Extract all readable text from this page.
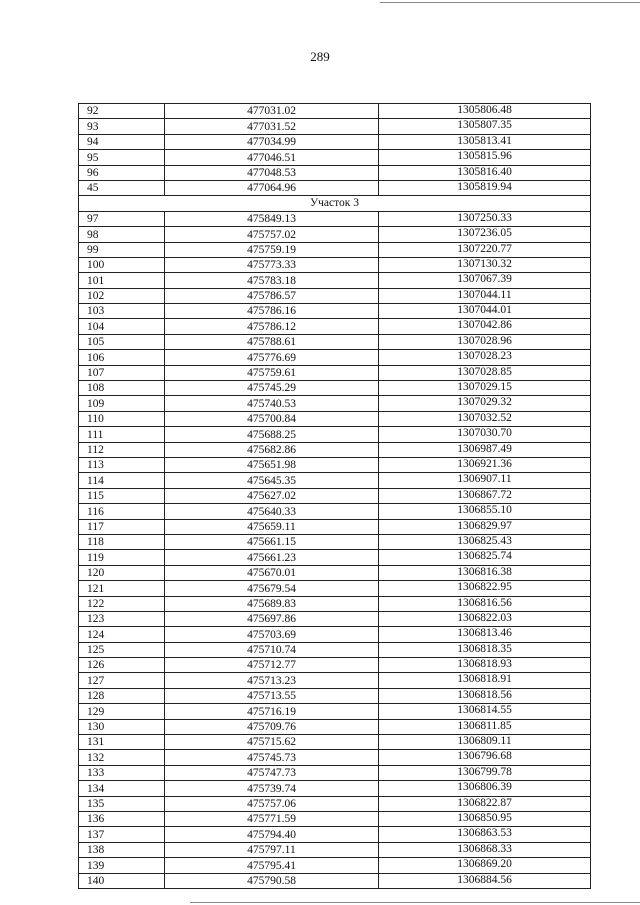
289
92	477031.02	1305806.48
93	477031.52	1305807.35
94	477034.99	1305813.41
95	477046.51	1305815.96
96	477048.53	1305816.40
45	477064.96	1305819.94
Участок 3		
97	475849.13	1307250.33
98	475757.02	1307236.05
99	475759.19	1307220.77
100	475773.33	1307130.32
101	475783.18	1307067.39
102	475786.57	1307044.11
103	475786.16	1307044.01
104	475786.12	1307042.86
105	475788.61	1307028.96
106	475776.69	1307028.23
107	475759.61	1307028.85
108	475745.29	1307029.15
109	475740.53	1307029.32
110	475700.84	1307032.52
111	475688.25	1307030.70
112	475682.86	1306987.49
113	475651.98	1306921.36
114	475645.35	1306907.11
115	475627.02	1306867.72
116	475640.33	1306855.10
117	475659.11	1306829.97
118	475661.15	1306825.43
119	475661.23	1306825.74
120	475670.01	1306816.38
121	475679.54	1306822.95
122	475689.83	1306816.56
123	475697.86	1306822.03
124	475703.69	1306813.46
125	475710.74	1306818.35
126	475712.77	1306818.93
127	475713.23	1306818.91
128	475713.55	1306818.56
129	475716.19	1306814.55
130	475709.76	1306811.85
131	475715.62	1306809.11
132	475745.73	1306796.68
133	475747.73	1306799.78
134	475739.74	1306806.39
135	475757.06	1306822.87
136	475771.59	1306850.95
137	475794.40	1306863.53
138	475797.11	1306868.33
139	475795.41	1306869.20
140	475790.58	1306884.56
